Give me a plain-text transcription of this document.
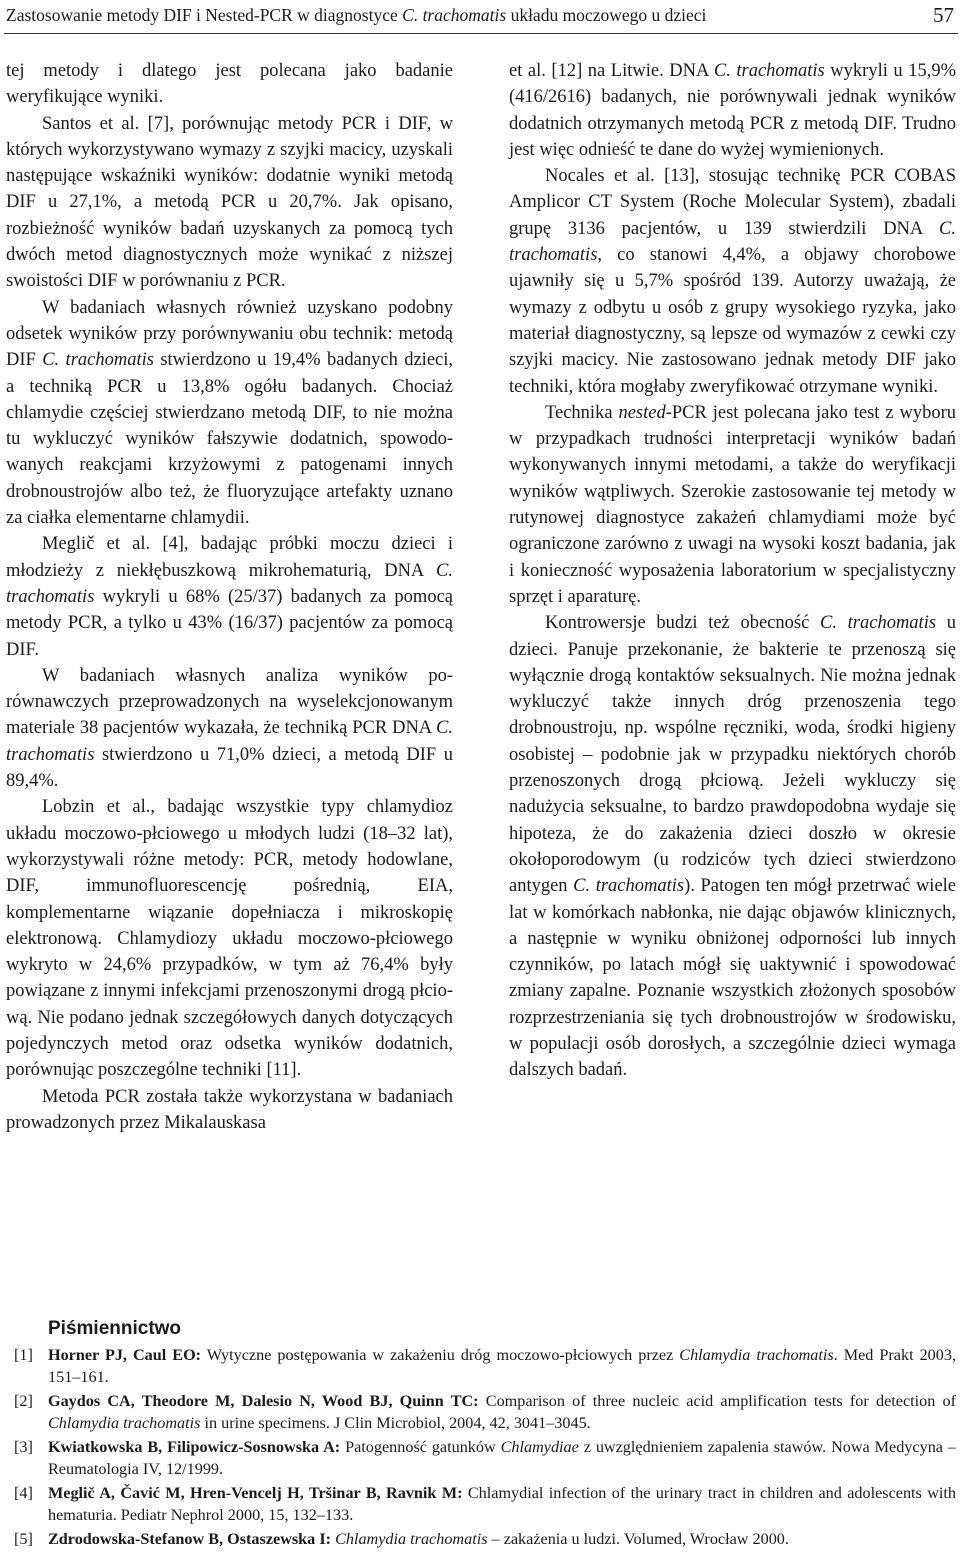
Zastosowanie metody DIF i Nested-PCR w diagnostyce C. trachomatis układu moczowego u dzieci	57

tej metody i dlatego jest polecana jako badanie weryfikujące wyniki.

Santos et al. [7], porównując metody PCR i DIF, w których wykorzystywano wymazy z szyjki macicy, uzyskali następujące wskaźniki wyników: dodatnie wyniki metodą DIF u 27,1%, a metodą PCR u 20,7%. Jak opisano, rozbieżność wyników badań uzyskanych za pomocą tych dwóch metod diagnostycznych może wynikać z niższej swoistości DIF w porównaniu z PCR.

W badaniach własnych również uzyskano podobny odsetek wyników przy porównywaniu obu technik: metodą DIF C. trachomatis stwierdzono u 19,4% badanych dzieci, a techniką PCR u 13,8% ogółu badanych. Chociaż chlamydie częściej stwierdzano metodą DIF, to nie można tu wykluczyć wyników fałszywie dodatnich, spowodowanych reakcjami krzyżowymi z patogenami innych drobnoustrojów albo też, że fluoryzujące artefakty uznano za ciałka elementarne chlamydii.

Meglič et al. [4], badając próbki moczu dzieci i młodzieży z niekłębuszkową mikrohematurią, DNA C. trachomatis wykryli u 68% (25/37) badanych za pomocą metody PCR, a tylko u 43% (16/37) pacjentów za pomocą DIF.

W badaniach własnych analiza wyników porównawczych przeprowadzonych na wyselekcjonowanym materiale 38 pacjentów wykazała, że techniką PCR DNA C. trachomatis stwierdzono u 71,0% dzieci, a metodą DIF u 89,4%.

Lobzin et al., badając wszystkie typy chlamydioz układu moczowo-płciowego u młodych ludzi (18–32 lat), wykorzystywali różne metody: PCR, metody hodowlane, DIF, immunofluorescencję pośrednią, EIA, komplementarne wiązanie dopełniacza i mikroskopię elektronową. Chlamydiozy układu moczowo-płciowego wykryto w 24,6% przypadków, w tym aż 76,4% były powiązane z innymi infekcjami przenoszonymi drogą płciową. Nie podano jednak szczegółowych danych dotyczących pojedynczych metod oraz odsetka wyników dodatnich, porównując poszczególne techniki [11].

Metoda PCR została także wykorzystana w badaniach prowadzonych przez Mikalauskasa

et al. [12] na Litwie. DNA C. trachomatis wykryli u 15,9% (416/2616) badanych, nie porównywali jednak wyników dodatnich otrzymanych metodą PCR z metodą DIF. Trudno jest więc odnieść te dane do wyżej wymienionych.

Nocales et al. [13], stosując technikę PCR COBAS Amplicor CT System (Roche Molecular System), zbadali grupę 3136 pacjentów, u 139 stwierdzili DNA C. trachomatis, co stanowi 4,4%, a objawy chorobowe ujawniły się u 5,7% spośród 139. Autorzy uważają, że wymazy z odbytu u osób z grupy wysokiego ryzyka, jako materiał diagnostyczny, są lepsze od wymazów z cewki czy szyjki macicy. Nie zastosowano jednak metody DIF jako techniki, która mogłaby zweryfikować otrzymane wyniki.

Technika nested-PCR jest polecana jako test z wyboru w przypadkach trudności interpretacji wyników badań wykonywanych innymi metodami, a także do weryfikacji wyników wątpliwych. Szerokie zastosowanie tej metody w rutynowej diagnostyce zakażeń chlamydiami może być ograniczone zarówno z uwagi na wysoki koszt badania, jak i konieczność wyposażenia laboratorium w specjalistyczny sprzęt i aparaturę.

Kontrowersje budzi też obecność C. trachomatis u dzieci. Panuje przekonanie, że bakterie te przenoszą się wyłącznie drogą kontaktów seksualnych. Nie można jednak wykluczyć także innych dróg przenoszenia tego drobnoustroju, np. wspólne ręczniki, woda, środki higieny osobistej – podobnie jak w przypadku niektórych chorób przenoszonych drogą płciową. Jeżeli wykluczy się nadużycia seksualne, to bardzo prawdopodobna wydaje się hipoteza, że do zakażenia dzieci doszło w okresie okołoporodowym (u rodziców tych dzieci stwierdzono antygen C. trachomatis). Patogen ten mógł przetrwać wiele lat w komórkach nabłonka, nie dając objawów klinicznych, a następnie w wyniku obniżonej odporności lub innych czynników, po latach mógł się uaktywnić i spowodować zmiany zapalne. Poznanie wszystkich złożonych sposobów rozprzestrzeniania się tych drobnoustrojów w środowisku, w populacji osób dorosłych, a szczególnie dzieci wymaga dalszych badań.

Piśmiennictwo
[1] Horner PJ, Caul EO: Wytyczne postępowania w zakażeniu dróg moczowo-płciowych przez Chlamydia trachomatis. Med Prakt 2003, 151–161.
[2] Gaydos CA, Theodore M, Dalesio N, Wood BJ, Quinn TC: Comparison of three nucleic acid amplification tests for detection of Chlamydia trachomatis in urine specimens. J Clin Microbiol, 2004, 42, 3041–3045.
[3] Kwiatkowska B, Filipowicz-Sosnowska A: Patogenność gatunków Chlamydiae z uwzględnieniem zapalenia stawów. Nowa Medycyna – Reumatologia IV, 12/1999.
[4] Meglič A, Čavić M, Hren-Vencelj H, Tršinar B, Ravnik M: Chlamydial infection of the urinary tract in children and adolescents with hematuria. Pediatr Nephrol 2000, 15, 132–133.
[5] Zdrodowska-Stefanow B, Ostaszewska I: Chlamydia trachomatis – zakażenia u ludzi. Volumed, Wrocław 2000.
